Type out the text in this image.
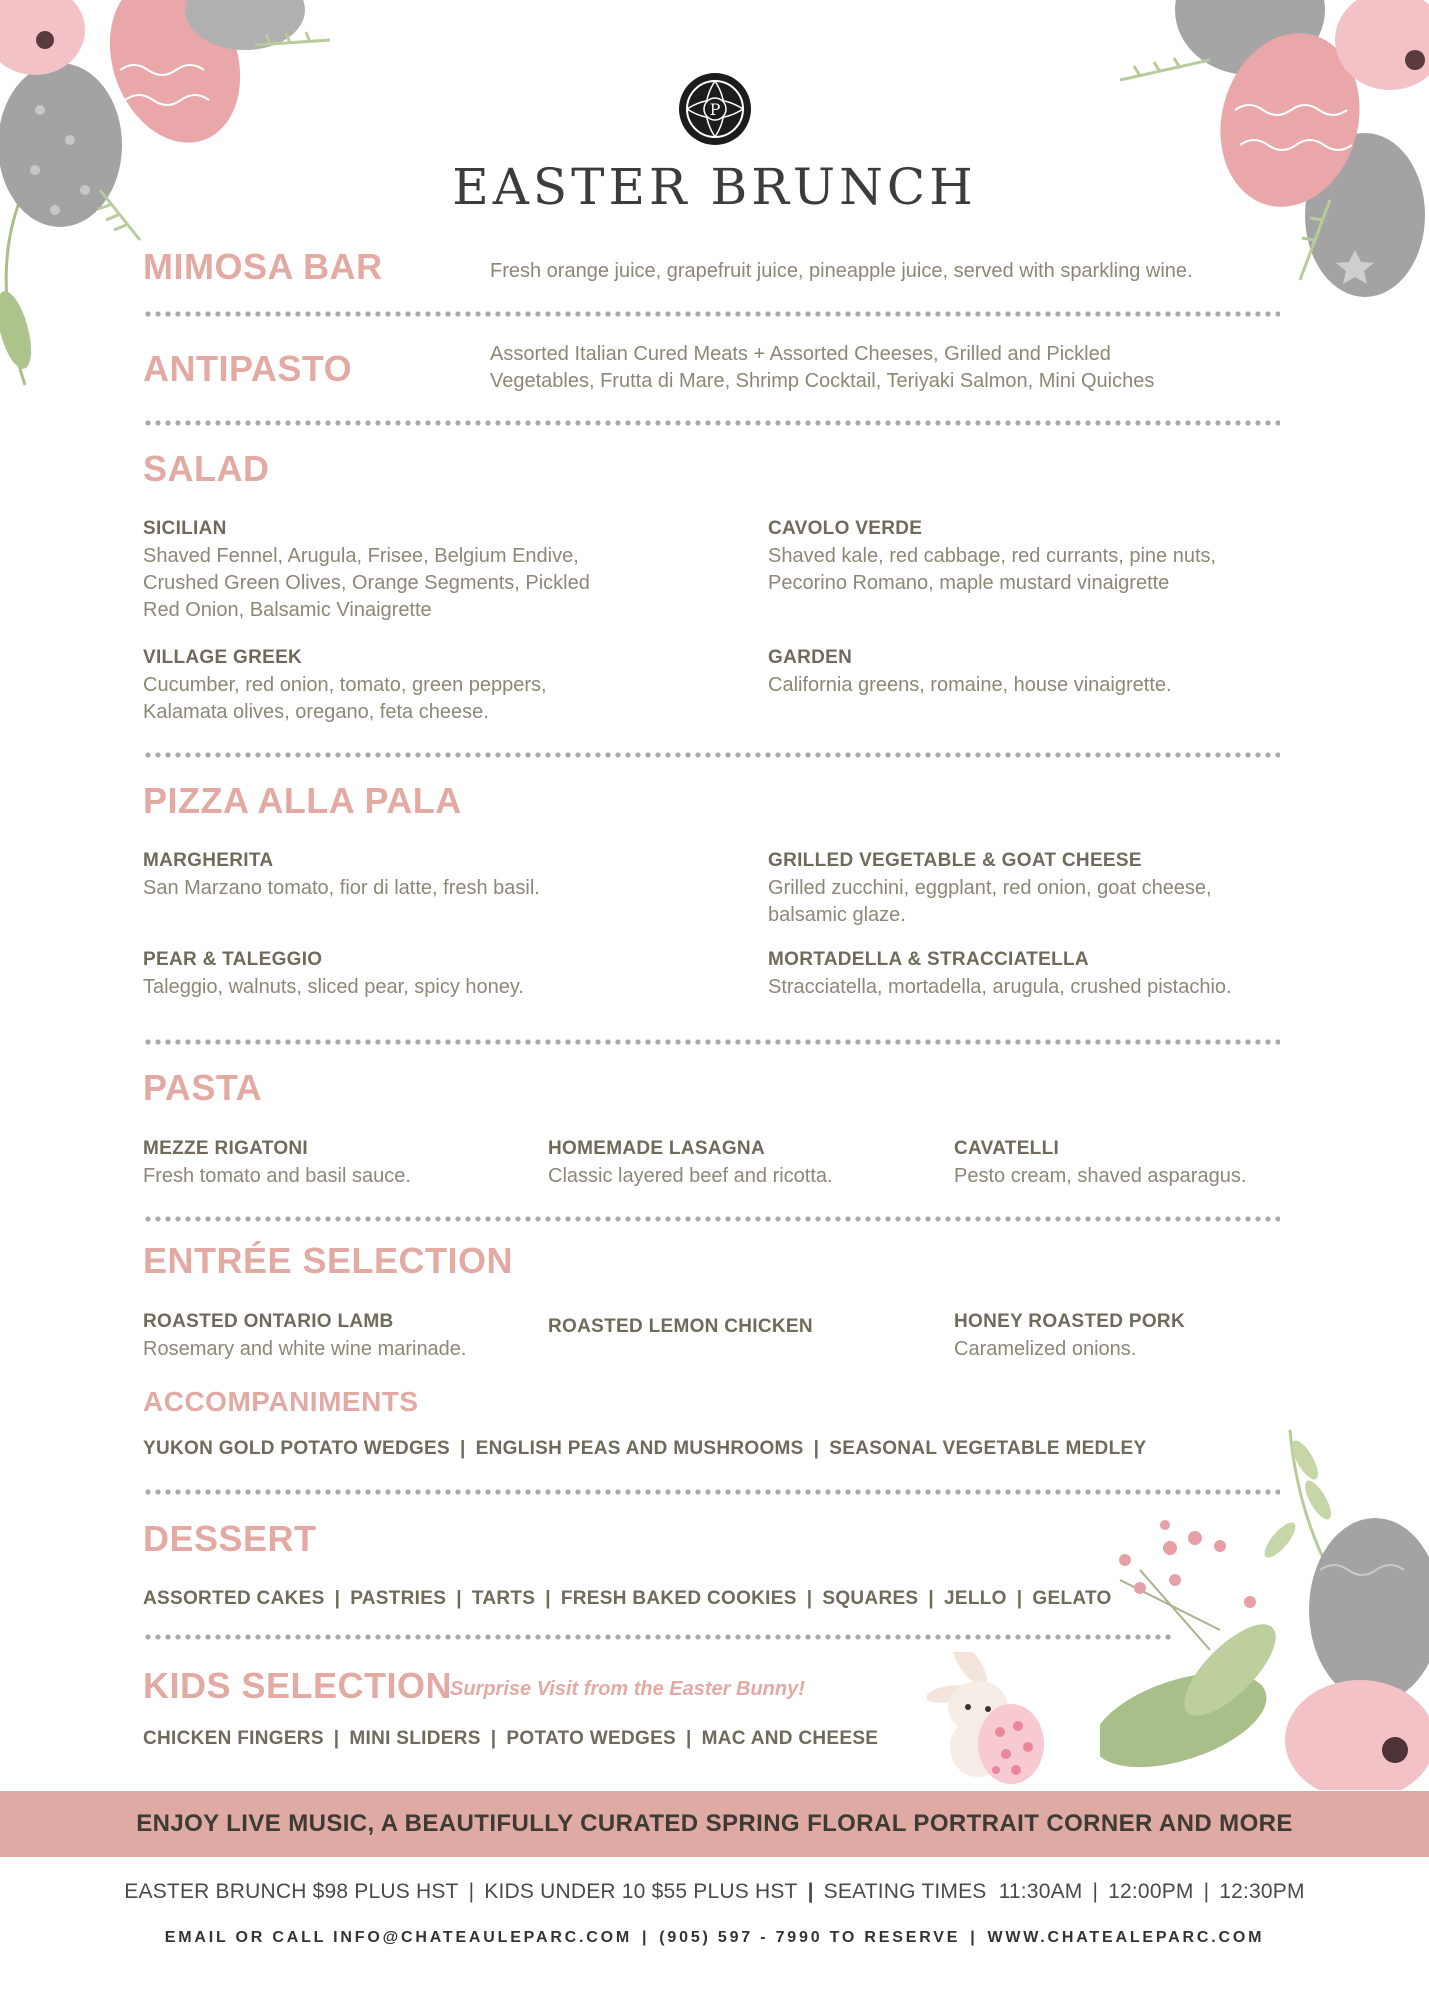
P
EASTER BRUNCH
MIMOSA BAR	Fresh orange juice, grapefruit juice, pineapple juice, served with sparkling wine.
ANTIPASTO	Assorted Italian Cured Meats + Assorted Cheeses, Grilled and Pickled
Vegetables, Frutta di Mare, Shrimp Cocktail, Teriyaki Salmon, Mini Quiches
SALAD
SICILIAN
Shaved Fennel, Arugula, Frisee, Belgium Endive,
Crushed Green Olives, Orange Segments, Pickled
Red Onion, Balsamic Vinaigrette
CAVOLO VERDE
Shaved kale, red cabbage, red currants, pine nuts,
Pecorino Romano, maple mustard vinaigrette
VILLAGE GREEK
Cucumber, red onion, tomato, green peppers,
Kalamata olives, oregano, feta cheese.
GARDEN
California greens, romaine, house vinaigrette.
PIZZA ALLA PALA
MARGHERITA
San Marzano tomato, fior di latte, fresh basil.
GRILLED VEGETABLE & GOAT CHEESE
Grilled zucchini, eggplant, red onion, goat cheese,
balsamic glaze.
PEAR & TALEGGIO
Taleggio, walnuts, sliced pear, spicy honey.
MORTADELLA & STRACCIATELLA
Stracciatella, mortadella, arugula, crushed pistachio.
PASTA
MEZZE RIGATONI
Fresh tomato and basil sauce.
HOMEMADE LASAGNA
Classic layered beef and ricotta.
CAVATELLI
Pesto cream, shaved asparagus.
ENTRÉE SELECTION
ROASTED ONTARIO LAMB
Rosemary and white wine marinade.
ROASTED LEMON CHICKEN	HONEY ROASTED PORK
Caramelized onions.
ACCOMPANIMENTS
YUKON GOLD POTATO WEDGES | ENGLISH PEAS AND MUSHROOMS | SEASONAL VEGETABLE MEDLEY
DESSERT
ASSORTED CAKES | PASTRIES | TARTS | FRESH BAKED COOKIES | SQUARES | JELLO | GELATO
KIDS SELECTION
Surprise Visit from the Easter Bunny!
CHICKEN FINGERS | MINI SLIDERS | POTATO WEDGES | MAC AND CHEESE
ENJOY LIVE MUSIC, A BEAUTIFULLY CURATED SPRING FLORAL PORTRAIT CORNER AND MORE
EASTER BRUNCH $98 PLUS HST | KIDS UNDER 10 $55 PLUS HST | SEATING TIMES 11:30AM | 12:00PM | 12:30PM
EMAIL OR CALL INFO@CHATEAULEPARC.COM | (905) 597 - 7990 TO RESERVE | WWW.CHATEALEPARC.COM
